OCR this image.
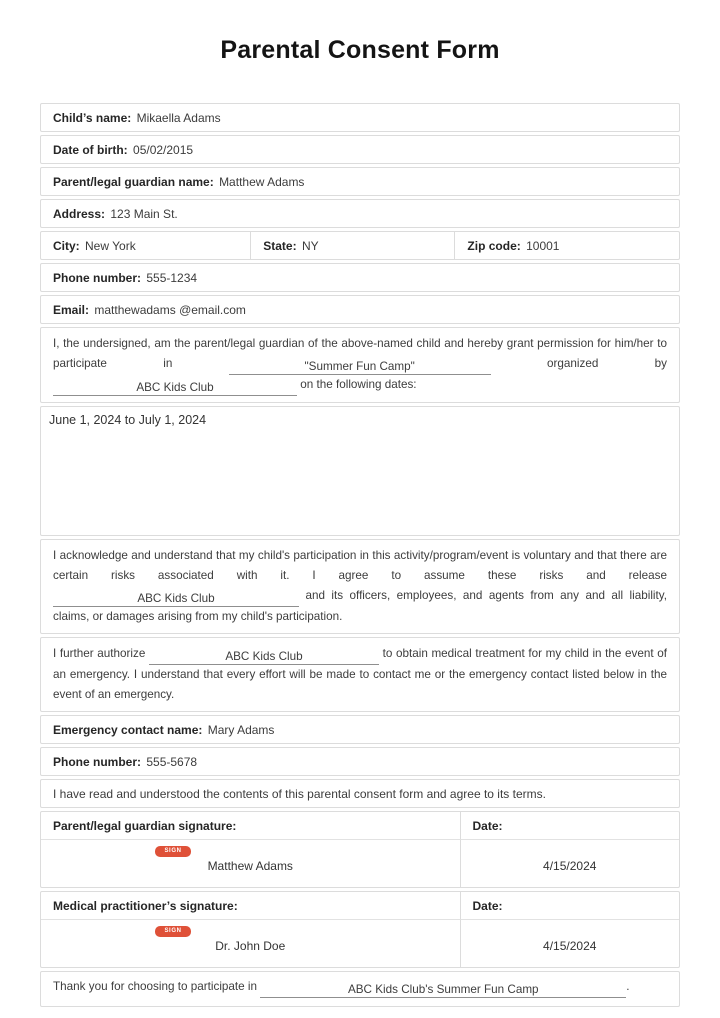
Parental Consent Form
Child’s name: Mikaella Adams
Date of birth: 05/02/2015
Parent/legal guardian name: Matthew Adams
Address: 123 Main St.
City: New York	State: NY	Zip code: 10001
Phone number: 555-1234
Email: matthewadams @email.com
I, the undersigned, am the parent/legal guardian of the above-named child and hereby grant permission for him/her to participate in	"Summer Fun Camp"	organized by ABC Kids Club	on the following dates:
June 1, 2024 to July 1, 2024
I acknowledge and understand that my child's participation in this activity/program/event is voluntary and that there are certain risks associated with it. I agree to assume these risks and release ABC Kids Club	and its officers, employees, and agents from any and all liability, claims, or damages arising from my child's participation.
I further authorize	ABC Kids Club	to obtain medical treatment for my child in the event of an emergency. I understand that every effort will be made to contact me or the emergency contact listed below in the event of an emergency.
Emergency contact name: Mary Adams
Phone number: 555-5678
I have read and understood the contents of this parental consent form and agree to its terms.
Parent/legal guardian signature:	Date:
SIGN
Matthew Adams	4/15/2024
Medical practitioner’s signature:	Date:
SIGN
Dr. John Doe	4/15/2024
Thank you for choosing to participate in	ABC Kids Club's Summer Fun Camp	.
